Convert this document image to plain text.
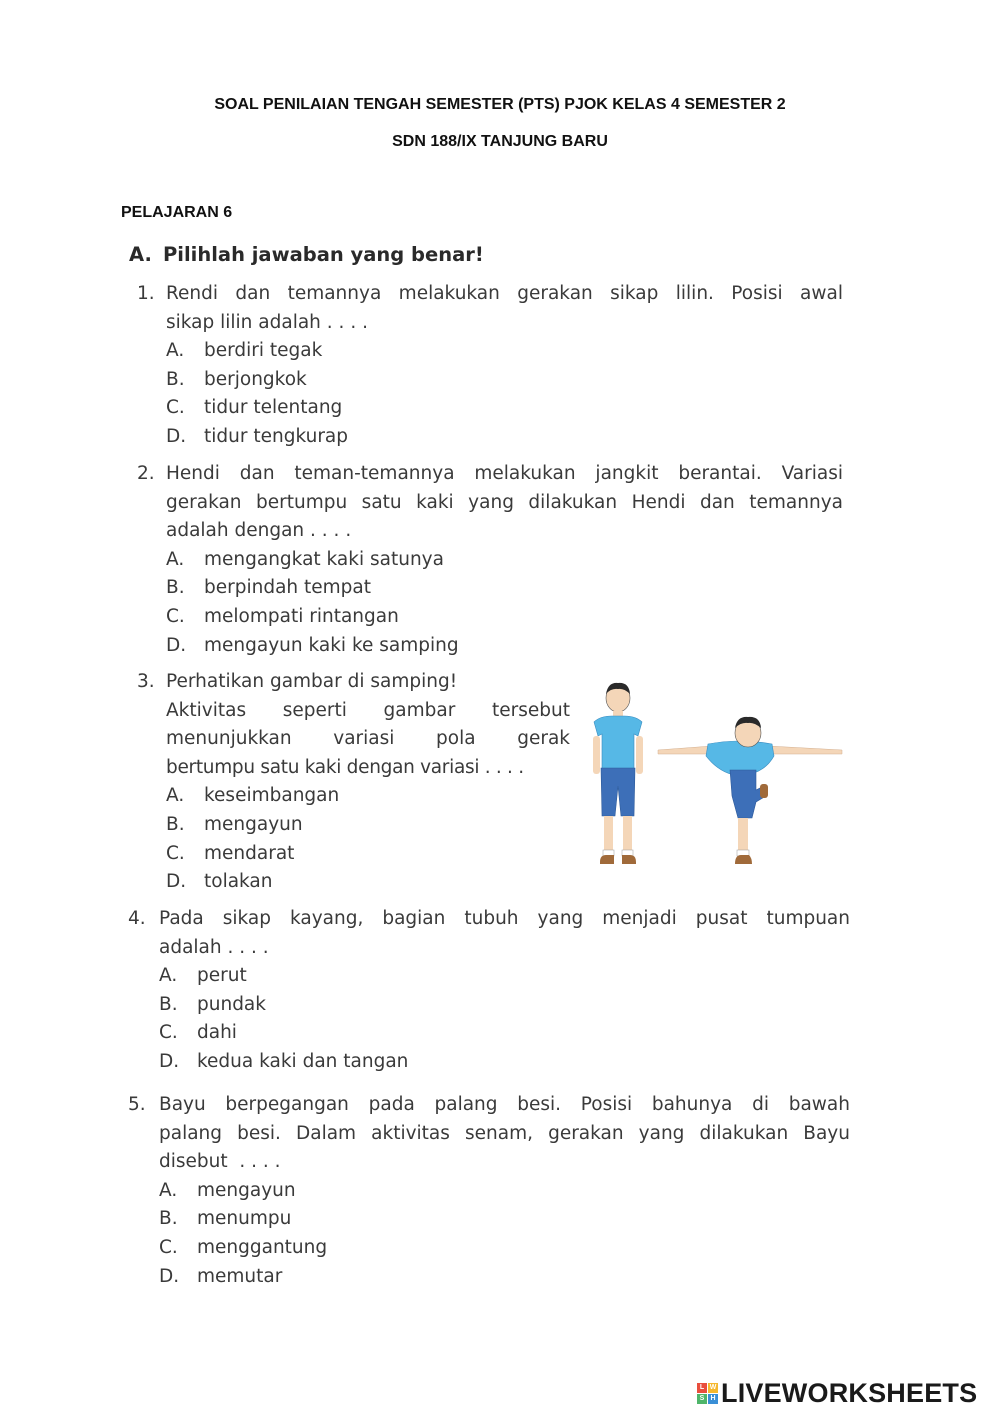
SOAL PENILAIAN TENGAH SEMESTER (PTS) PJOK KELAS 4 SEMESTER 2
SDN 188/IX TANJUNG BARU
PELAJARAN 6
A. Pilihlah jawaban yang benar!
1. Rendi dan temannya melakukan gerakan sikap lilin. Posisi awal
sikap lilin adalah . . . .
A.	berdiri tegak
B.	berjongkok
C.	tidur telentang
D. tidur tengkurap
2. Hendi dan teman-temannya melakukan jangkit berantai. Variasi
gerakan bertumpu satu kaki yang dilakukan Hendi dan temannya
adalah dengan . . . .
A.	mengangkat kaki satunya
B.	berpindah tempat
C.	melompati rintangan
D. mengayun kaki ke samping
3. Perhatikan gambar di samping!
Aktivitas seperti gambar tersebut
menunjukkan variasi pola gerak
bertumpu satu kaki dengan variasi . . . .
A.	keseimbangan
B.	mengayun
C.	mendarat
D. tolakan
4. Pada sikap kayang, bagian tubuh yang menjadi pusat tumpuan
adalah . . . .
A.	perut
B.	pundak
C.	dahi
D. kedua kaki dan tangan
5. Bayu berpegangan pada palang besi. Posisi bahunya di bawah
palang besi. Dalam aktivitas senam, gerakan yang dilakukan Bayu
disebut  . . . .
A.	mengayun
B.	menumpu
C.	menggantung
D. memutar
L W
S H LIVEWORKSHEETS
